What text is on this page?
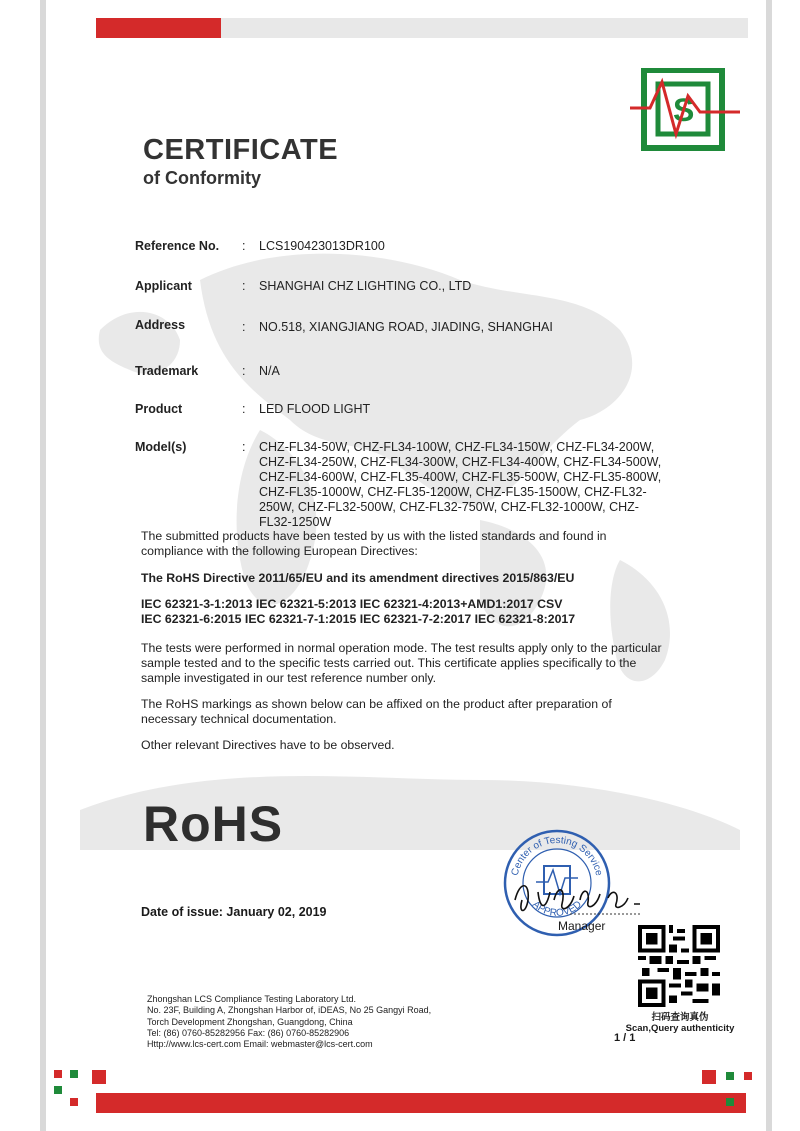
S
CERTIFICATE
of Conformity
Reference No.	: LCS190423013DR100
Applicant	: SHANGHAI CHZ LIGHTING CO., LTD
Address	: NO.518, XIANGJIANG ROAD, JIADING, SHANGHAI
Trademark	: N/A
Product	: LED FLOOD LIGHT
Model(s)	: CHZ-FL34-50W, CHZ-FL34-100W, CHZ-FL34-150W, CHZ-FL34-200W,
CHZ-FL34-250W, CHZ-FL34-300W, CHZ-FL34-400W, CHZ-FL34-500W,
CHZ-FL34-600W, CHZ-FL35-400W, CHZ-FL35-500W, CHZ-FL35-800W,
CHZ-FL35-1000W, CHZ-FL35-1200W, CHZ-FL35-1500W, CHZ-FL32-
250W, CHZ-FL32-500W, CHZ-FL32-750W, CHZ-FL32-1000W, CHZ-
FL32-1250W
The submitted products have been tested by us with the listed standards and found in
compliance with the following European Directives:
The RoHS Directive 2011/65/EU and its amendment directives 2015/863/EU
IEC 62321-3-1:2013 IEC 62321-5:2013 IEC 62321-4:2013+AMD1:2017 CSV
IEC 62321-6:2015 IEC 62321-7-1:2015 IEC 62321-7-2:2017 IEC 62321-8:2017
The tests were performed in normal operation mode. The test results apply only to the particular
sample tested and to the specific tests carried out. This certificate applies specifically to the
sample investigated in our test reference number only.
The RoHS markings as shown below can be affixed on the product after preparation of
necessary technical documentation.
Other relevant Directives have to be observed.
RoHS
Center of Testing Service
APPROVED
Date of issue: January 02, 2019
Manager
扫码查询真伪
Scan,Query authenticity
Zhongshan LCS Compliance Testing Laboratory Ltd.
No. 23F, Building A, Zhongshan Harbor of, iDEAS, No 25 Gangyi Road,
Torch Development Zhongshan, Guangdong, China
Tel: (86) 0760-85282956 Fax: (86) 0760-85282906
Http://www.lcs-cert.com Email: webmaster@lcs-cert.com
1 / 1
